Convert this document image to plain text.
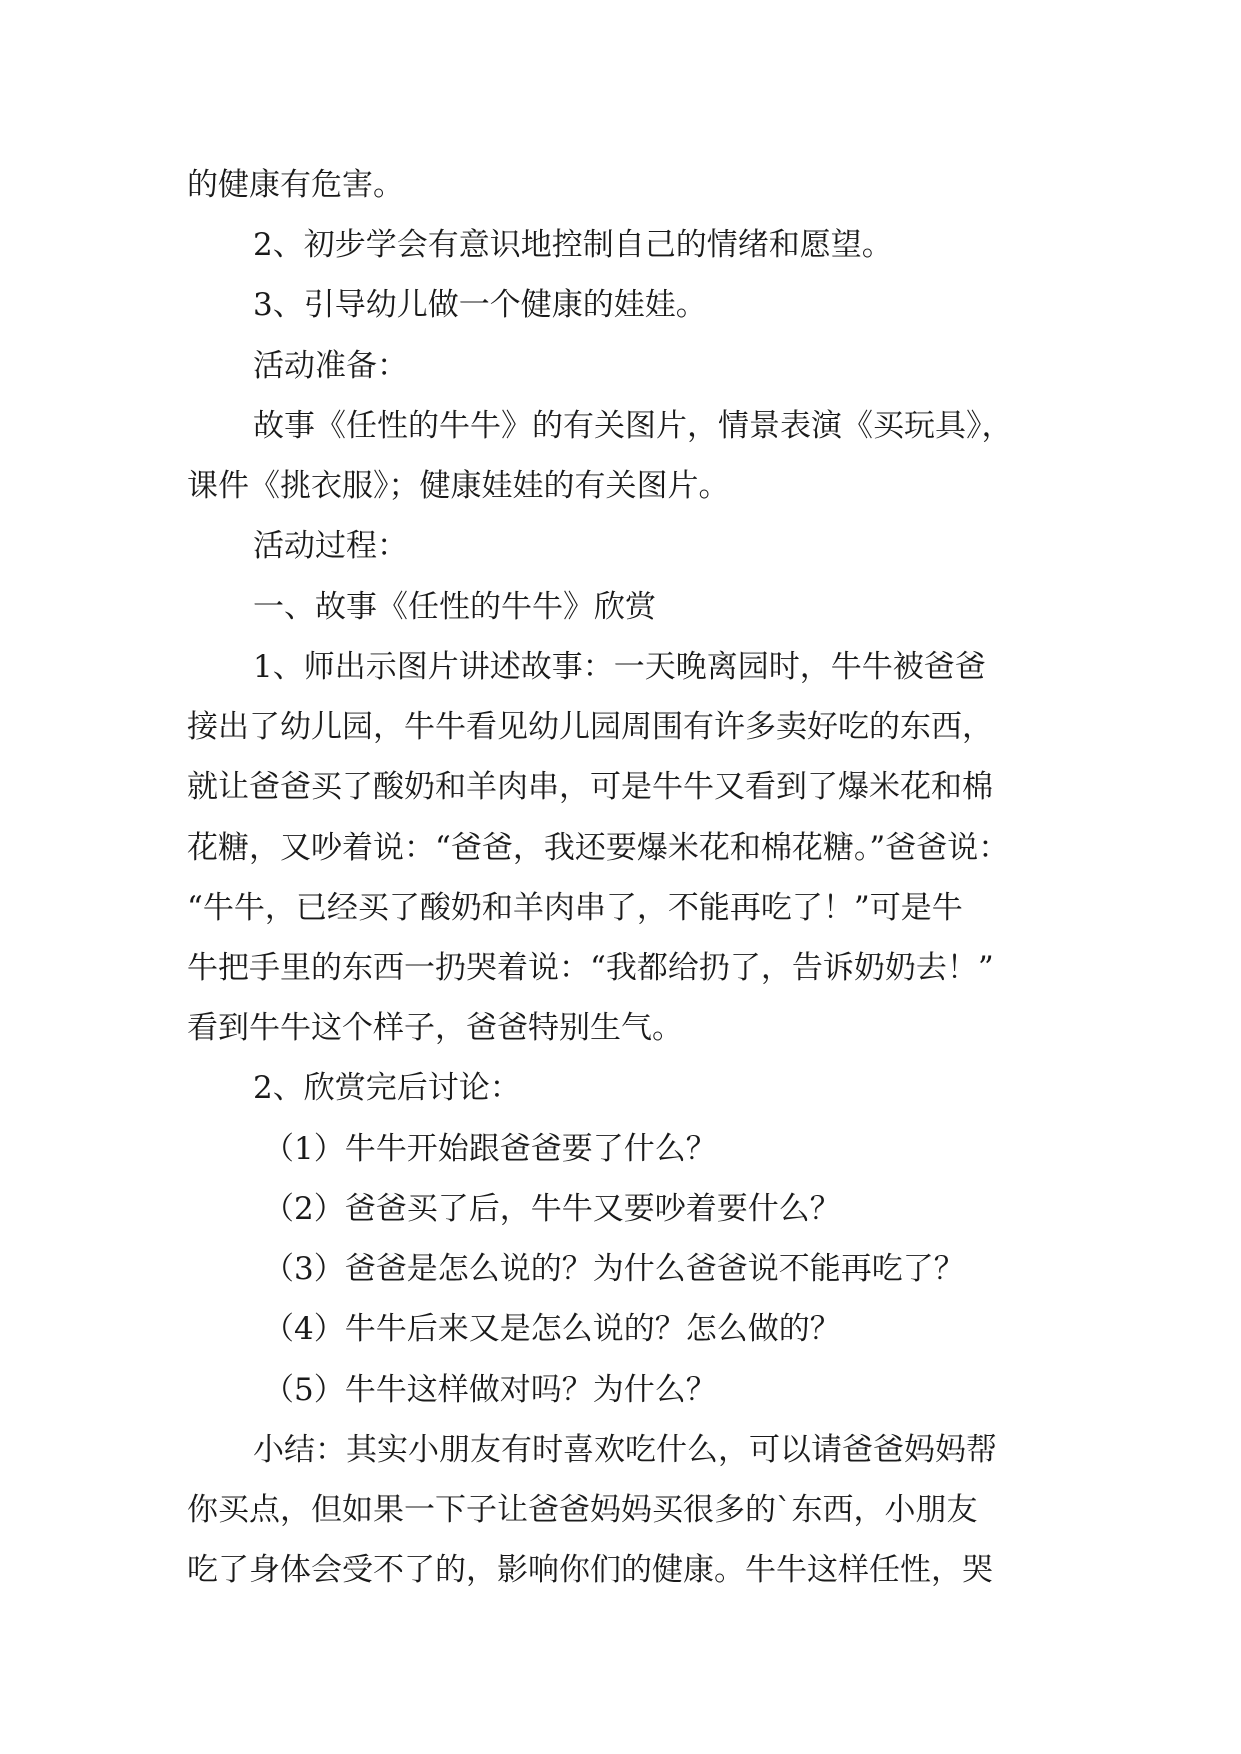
的健康有危害。
2、初步学会有意识地控制自己的情绪和愿望。
3、引导幼儿做一个健康的娃娃。
活动准备：
故事《任性的牛牛》的有关图片，情景表演《买玩具》，
课件《挑衣服》；健康娃娃的有关图片。
活动过程：
一、故事《任性的牛牛》欣赏
1、师出示图片讲述故事：一天晚离园时，牛牛被爸爸
接出了幼儿园，牛牛看见幼儿园周围有许多卖好吃的东西，
就让爸爸买了酸奶和羊肉串，可是牛牛又看到了爆米花和棉
花糖，又吵着说：“爸爸，我还要爆米花和棉花糖。”爸爸说：
“牛牛，已经买了酸奶和羊肉串了，不能再吃了！”可是牛
牛把手里的东西一扔哭着说：“我都给扔了，告诉奶奶去！”
看到牛牛这个样子，爸爸特别生气。
2、欣赏完后讨论：
（1）牛牛开始跟爸爸要了什么？
（2）爸爸买了后，牛牛又要吵着要什么？
（3）爸爸是怎么说的？为什么爸爸说不能再吃了？
（4）牛牛后来又是怎么说的？怎么做的？
（5）牛牛这样做对吗？为什么？
小结：其实小朋友有时喜欢吃什么，可以请爸爸妈妈帮
你买点，但如果一下子让爸爸妈妈买很多的`东西，小朋友
吃了身体会受不了的，影响你们的健康。牛牛这样任性，哭
